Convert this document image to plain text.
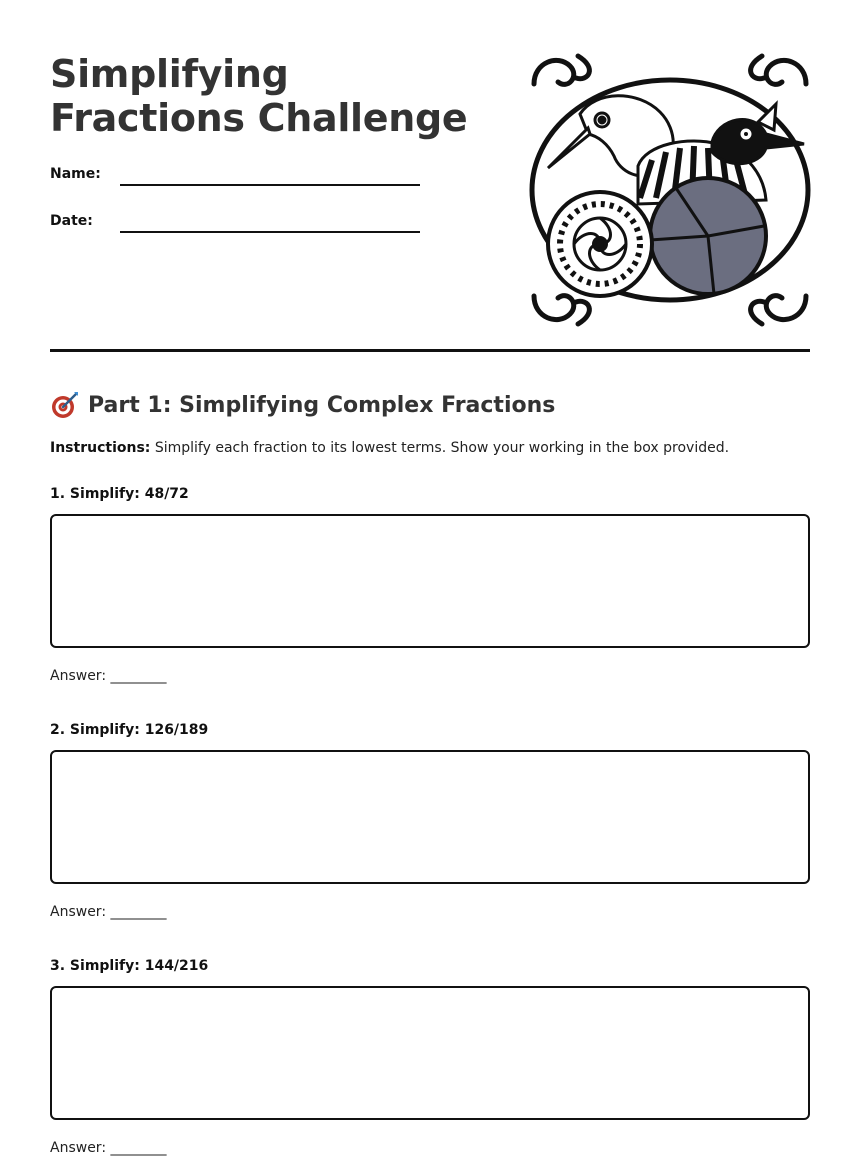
Simplifying Fractions Challenge
Name:
Date:
Part 1: Simplifying Complex Fractions
Instructions: Simplify each fraction to its lowest terms. Show your working in the box provided.
1. Simplify: 48/72
Answer: ________
2. Simplify: 126/189
Answer: ________
3. Simplify: 144/216
Answer: ________
